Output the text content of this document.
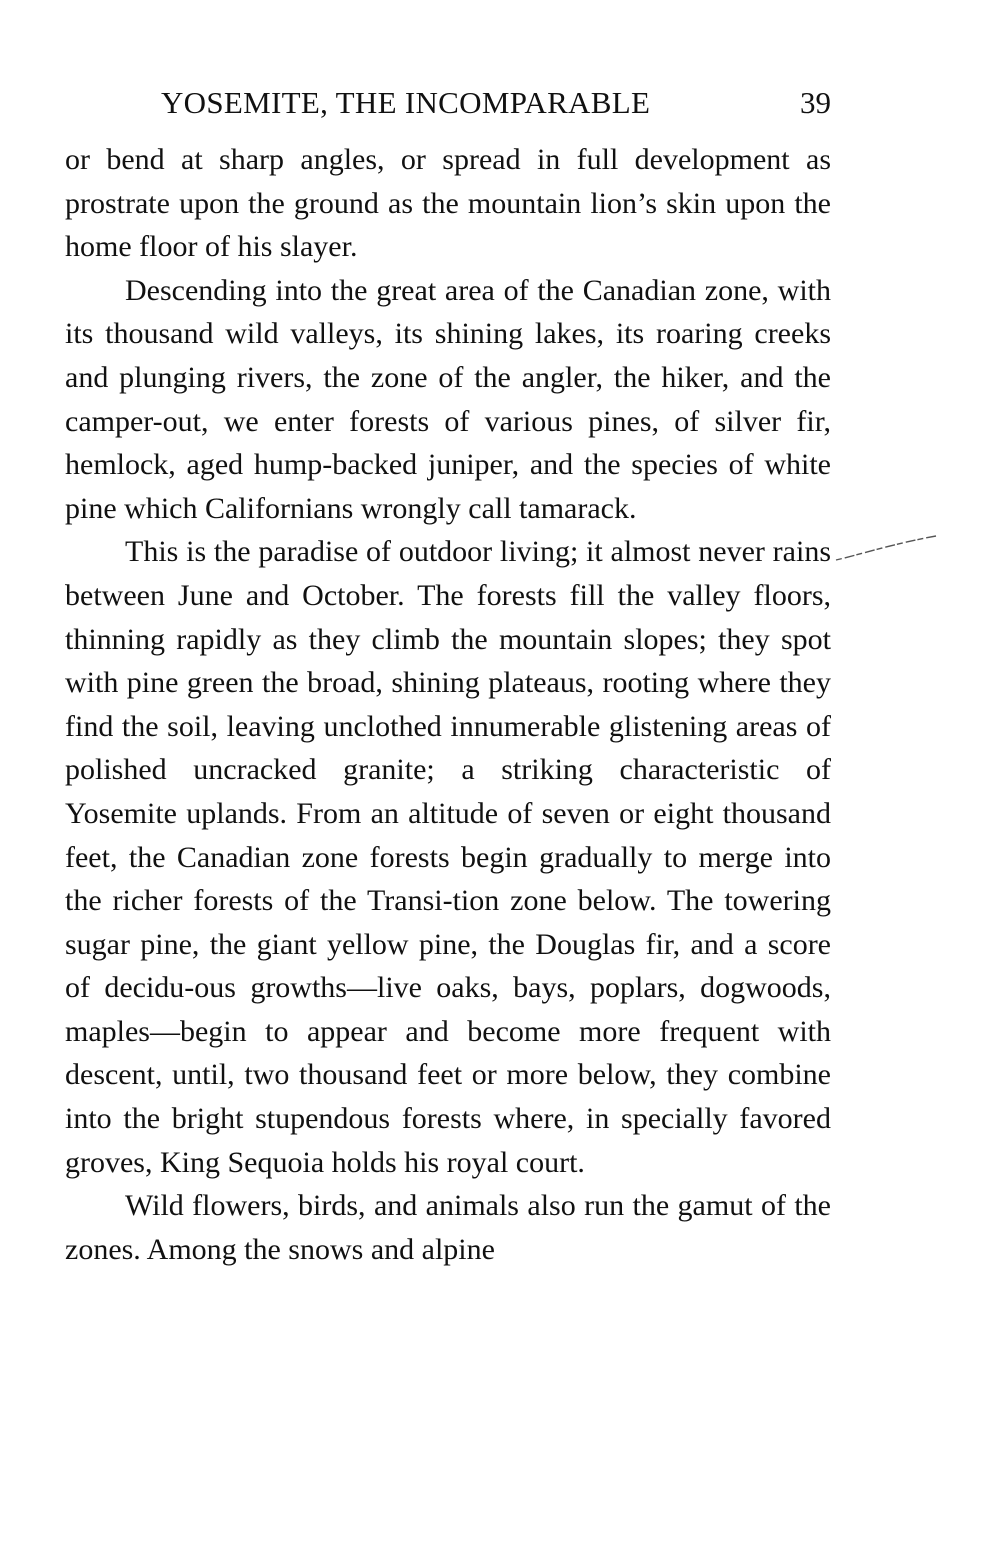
YOSEMITE, THE INCOMPARABLE	39

or bend at sharp angles, or spread in full development as prostrate upon the ground as the mountain lion’s skin upon the home floor of his slayer.

Descending into the great area of the Canadian zone, with its thousand wild valleys, its shining lakes, its roaring creeks and plunging rivers, the zone of the angler, the hiker, and the camper-out, we enter forests of various pines, of silver fir, hemlock, aged hump-backed juniper, and the species of white pine which Californians wrongly call tamarack.

This is the paradise of outdoor living; it almost never rains between June and October. The forests fill the valley floors, thinning rapidly as they climb the mountain slopes; they spot with pine green the broad, shining plateaus, rooting where they find the soil, leaving unclothed innumerable glistening areas of polished uncracked granite; a striking characteristic of Yosemite uplands. From an altitude of seven or eight thousand feet, the Canadian zone forests begin gradually to merge into the richer forests of the Transi-tion zone below. The towering sugar pine, the giant yellow pine, the Douglas fir, and a score of decidu-ous growths—live oaks, bays, poplars, dogwoods, maples—begin to appear and become more frequent with descent, until, two thousand feet or more below, they combine into the bright stupendous forests where, in specially favored groves, King Sequoia holds his royal court.

Wild flowers, birds, and animals also run the gamut of the zones. Among the snows and alpine
